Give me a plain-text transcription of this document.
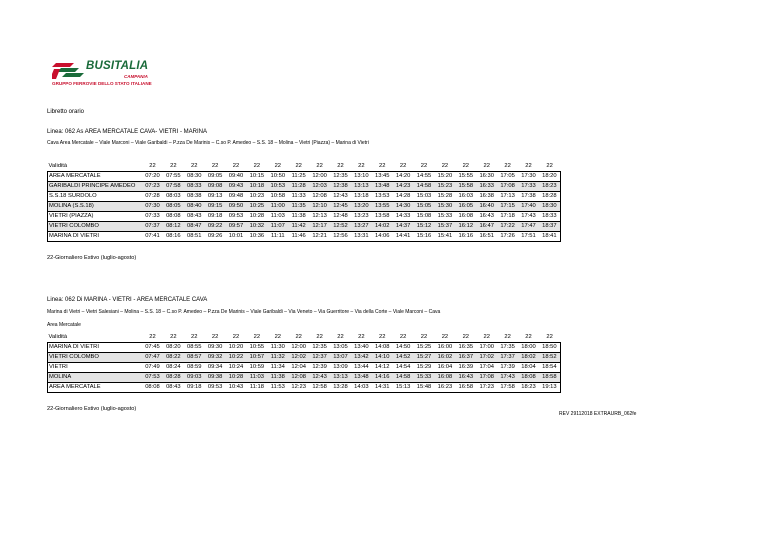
BUSITALIA
CAMPANIA
GRUPPO FERROVIE DELLO STATO ITALIANE
Libretto orario
Linea: 062 As AREA MERCATALE CAVA- VIETRI - MARINA
Cava Area Mercatale – Viale Marconi – Viale Garibaldi – P.zza De Marinis – C.so P. Amedeo – S.S. 18 – Molina – Vietri (Piazza) – Marina di Vietri
Validità	22	22	22	22	22	22	22	22	22	22	22	22	22	22	22	22	22	22	22	22
AREA MERCATALE	07:20	07:55	08:30	09:05	09:40	10:15	10:50	11:25	12:00	12:35	13:10	13:45	14:20	14:55	15:20	15:55	16:30	17:05	17:30	18:20
GARIBALDI PRINCIPE AMEDEO	07:23	07:58	08:33	09:08	09:43	10:18	10:53	11:28	12:03	12:38	13:13	13:48	14:23	14:58	15:23	15:58	16:33	17:08	17:33	18:23
S.S.18 SURDOLO	07:28	08:03	08:38	09:13	09:48	10:23	10:58	11:33	12:08	12:43	13:18	13:53	14:28	15:03	15:28	16:03	16:38	17:13	17:38	18:28
MOLINA (S.S.18)	07:30	08:05	08:40	09:15	09:50	10:25	11:00	11:35	12:10	12:45	13:20	13:55	14:30	15:05	15:30	16:05	16:40	17:15	17:40	18:30
VIETRI (PIAZZA)	07:33	08:08	08:43	09:18	09:53	10:28	11:03	11:38	12:13	12:48	13:23	13:58	14:33	15:08	15:33	16:08	16:43	17:18	17:43	18:33
VIETRI COLOMBO	07:37	08:12	08:47	09:22	09:57	10:32	11:07	11:42	12:17	12:52	13:27	14:02	14:37	15:12	15:37	16:12	16:47	17:22	17:47	18:37
MARINA DI VIETRI	07:41	08:16	08:51	09:26	10:01	10:36	11:11	11:46	12:21	12:56	13:31	14:06	14:41	15:16	15:41	16:16	16:51	17:26	17:51	18:41
22-Giornaliero Estivo (luglio-agosto)
Linea: 062 Di MARINA - VIETRI - AREA MERCATALE CAVA
Marina di Vietri – Vietri Salesiani – Molina – S.S. 18 – C.so P. Amedeo – P.zza De Marinis – Viale Garibaldi – Via Veneto – Via Guerritore – Via della Corte – Viale Marconi – Cava
Area Mercatale
Validità	22	22	22	22	22	22	22	22	22	22	22	22	22	22	22	22	22	22	22	22
MARINA DI VIETRI	07:45	08:20	08:55	09:30	10:20	10:55	11:30	12:00	12:35	13:05	13:40	14:08	14:50	15:25	16:00	16:35	17:00	17:35	18:00	18:50
VIETRI COLOMBO	07:47	08:22	08:57	09:32	10:22	10:57	11:32	12:02	12:37	13:07	13:42	14:10	14:52	15:27	16:02	16:37	17:02	17:37	18:02	18:52
VIETRI	07:49	08:24	08:59	09:34	10:24	10:59	11:34	12:04	12:39	13:09	13:44	14:12	14:54	15:29	16:04	16:39	17:04	17:39	18:04	18:54
MOLINA	07:53	08:28	09:03	09:38	10:28	11:03	11:38	12:08	12:43	13:13	13:48	14:16	14:58	15:33	16:08	16:43	17:08	17:43	18:08	18:58
AREA MERCATALE	08:08	08:43	09:18	09:53	10:43	11:18	11:53	12:23	12:58	13:28	14:03	14:31	15:13	15:48	16:23	16:58	17:23	17:58	18:23	19:13
22-Giornaliero Estivo (luglio-agosto)
REV 29112018 EXTRAURB_062fe
